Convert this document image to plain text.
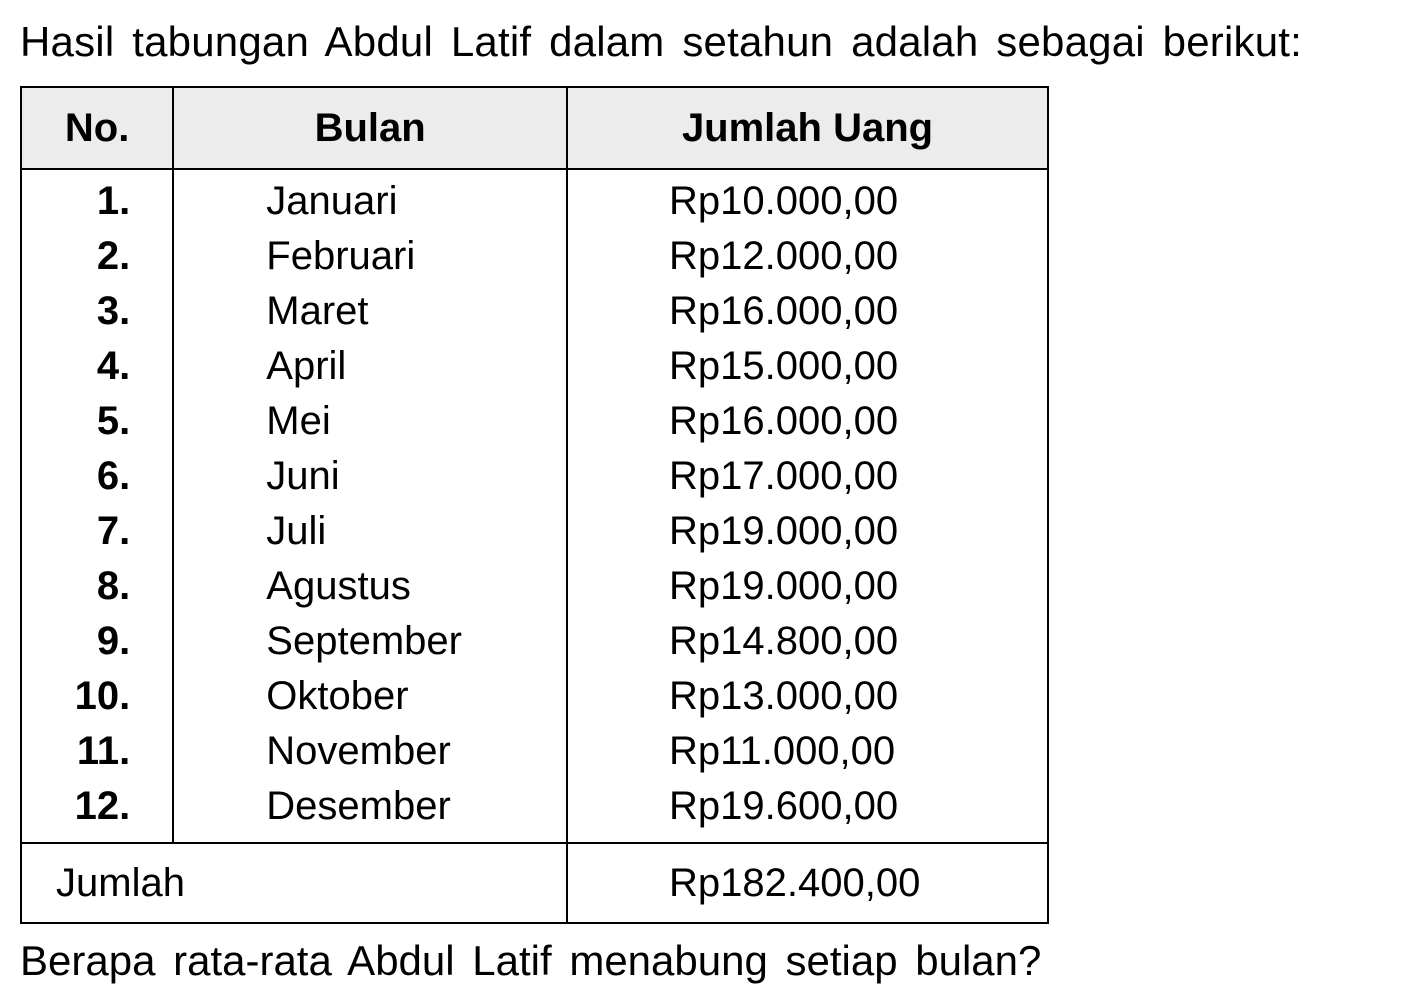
Hasil tabungan Abdul Latif dalam setahun adalah sebagai berikut:
No.	Bulan	Jumlah Uang
1.	Januari	Rp10.000,00
2.	Februari	Rp12.000,00
3.	Maret	Rp16.000,00
4.	April	Rp15.000,00
5.	Mei	Rp16.000,00
6.	Juni	Rp17.000,00
7.	Juli	Rp19.000,00
8.	Agustus	Rp19.000,00
9.	September	Rp14.800,00
10.	Oktober	Rp13.000,00
11.	November	Rp11.000,00
12.	Desember	Rp19.600,00
Jumlah		Rp182.400,00
Berapa rata-rata Abdul Latif menabung setiap bulan?
